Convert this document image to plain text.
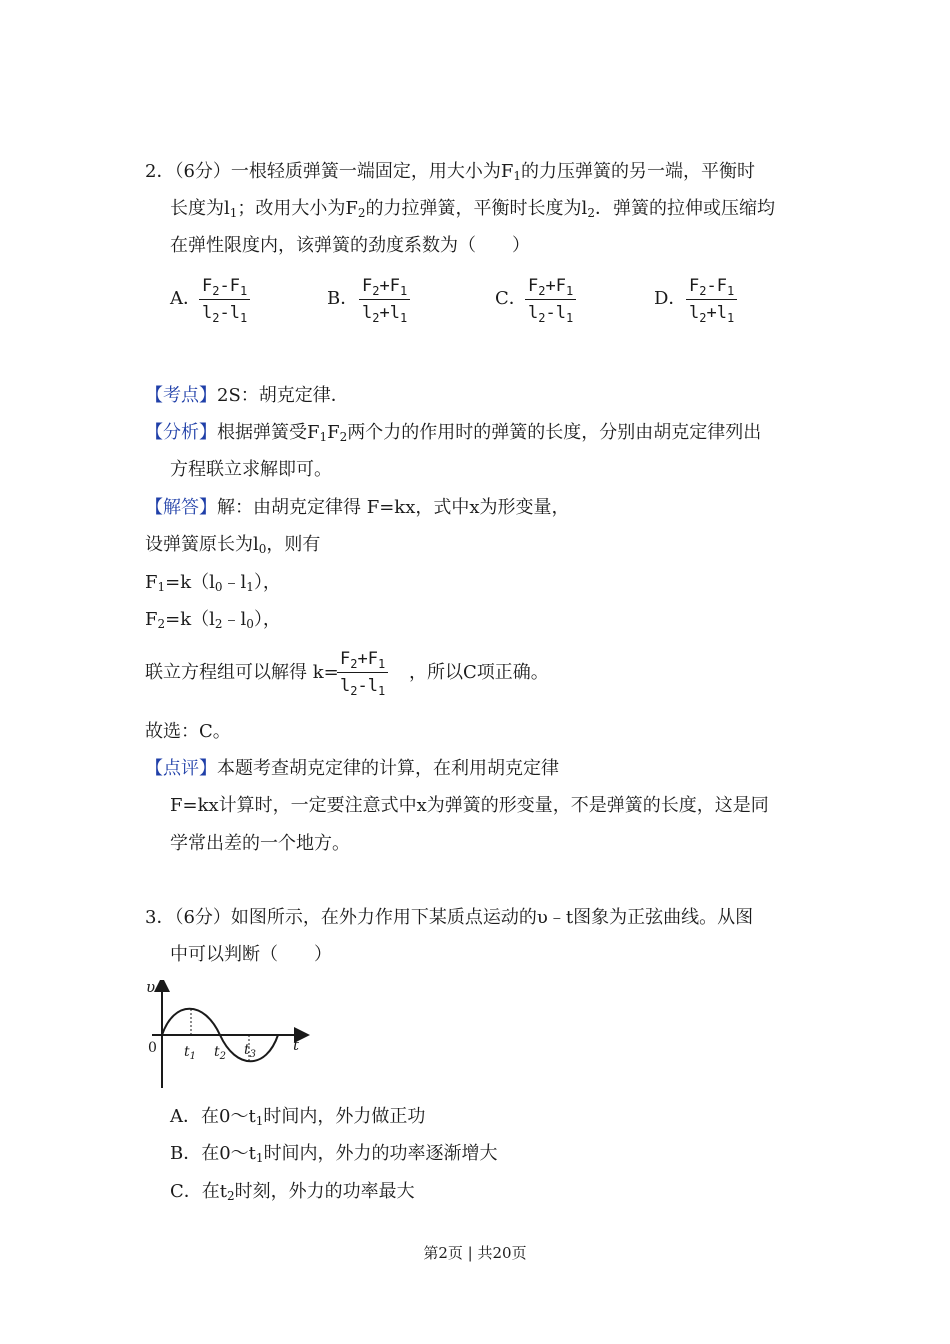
2．（6分）一根轻质弹簧一端固定，用大小为$F_1$的力压弹簧的另一端，平衡时
长度为$l_1$；改用大小为$F_2$的力拉弹簧，平衡时长度为$l_2$．弹簧的拉伸或压缩均
在弹性限度内，该弹簧的劲度系数为（　　）
A．
$F_2-F_1$
$l_2-l_1$
B．
$F_2+F_1$
$l_2+l_1$
C．
$F_2+F_1$
$l_2-l_1$
D．
$F_2-F_1$
$l_2+l_1$
【考点】2S：胡克定律．
【分析】根据弹簧受$F_1F_2$两个力的作用时的弹簧的长度，分别由胡克定律列出
方程联立求解即可。
【解答】解：由胡克定律得 F=kx，式中x为形变量，
设弹簧原长为$l_0$，则有
$F_1=k(l_0﹣l_1)$，
$F_2=k(l_2﹣l_0)$，
联立方程组可以解得 k=
$F_2+F_1$
$l_2-l_1$
，所以C项正确。
故选：C。
【点评】本题考查胡克定律的计算，在利用胡克定律
F=kx计算时，一定要注意式中x为弹簧的形变量，不是弹簧的长度，这是同
学常出差的一个地方。
3．（6分）如图所示，在外力作用下某质点运动的υ﹣t图象为正弦曲线。从图
中可以判断（　　）
υ
0	t
$t_1$ $t_2$ $t_3$
A．在$0\sim t_1$时间内，外力做正功
B．在$0\sim t_1$时间内，外力的功率逐渐增大
C．在$t_2$时刻，外力的功率最大
第2页 | 共20页
